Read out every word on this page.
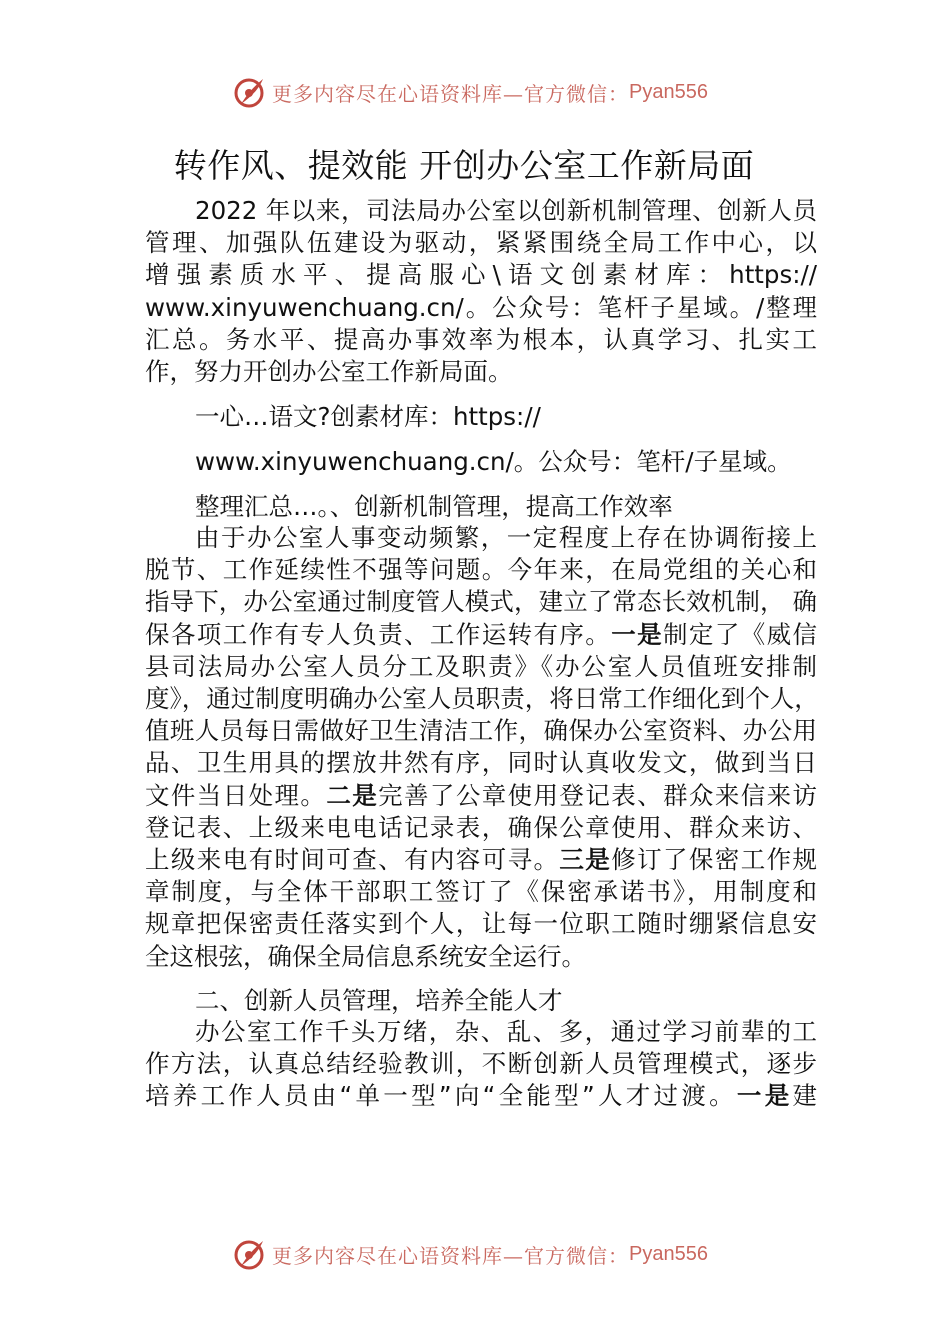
更多内容尽在心语资料库—官方微信： Pyan556
转作风、提效能 开创办公室工作新局面
2022 年以来，司法局办公室以创新机制管理、创新人员
管理、加强队伍建设为驱动，紧紧围绕全局工作中心，以
增强素质水平、提高服心\语文创素材库：https://
www.xinyuwenchuang.cn/。公众号：笔杆子星域。/整理
汇总。务水平、提高办事效率为根本，认真学习、扎实工
作，努力开创办公室工作新局面。

一心…语文?创素材库：https://

www.xinyuwenchuang.cn/。公众号：笔杆/子星域。

整理汇总…。、创新机制管理，提高工作效率

由于办公室人事变动频繁，一定程度上存在协调衔接上
脱节、工作延续性不强等问题。今年来，在局党组的关心和
指导下，办公室通过制度管人模式，建立了常态长效机制， 确
保各项工作有专人负责、工作运转有序。一是制定了《威信
县司法局办公室人员分工及职责》《办公室人员值班安排制
度》，通过制度明确办公室人员职责，将日常工作细化到个人，
值班人员每日需做好卫生清洁工作，确保办公室资料、办公用
品、卫生用具的摆放井然有序，同时认真收发文，做到当日
文件当日处理。二是完善了公章使用登记表、群众来信来访
登记表、上级来电电话记录表，确保公章使用、群众来访、
上级来电有时间可查、有内容可寻。三是修订了保密工作规
章制度，与全体干部职工签订了《保密承诺书》，用制度和
规章把保密责任落实到个人，让每一位职工随时绷紧信息安
全这根弦，确保全局信息系统安全运行。

二、创新人员管理，培养全能人才

办公室工作千头万绪，杂、乱、多，通过学习前辈的工
作方法，认真总结经验教训，不断创新人员管理模式，逐步
培养工作人员由“单一型”向“全能型”人才过渡。一是建
更多内容尽在心语资料库—官方微信： Pyan556
